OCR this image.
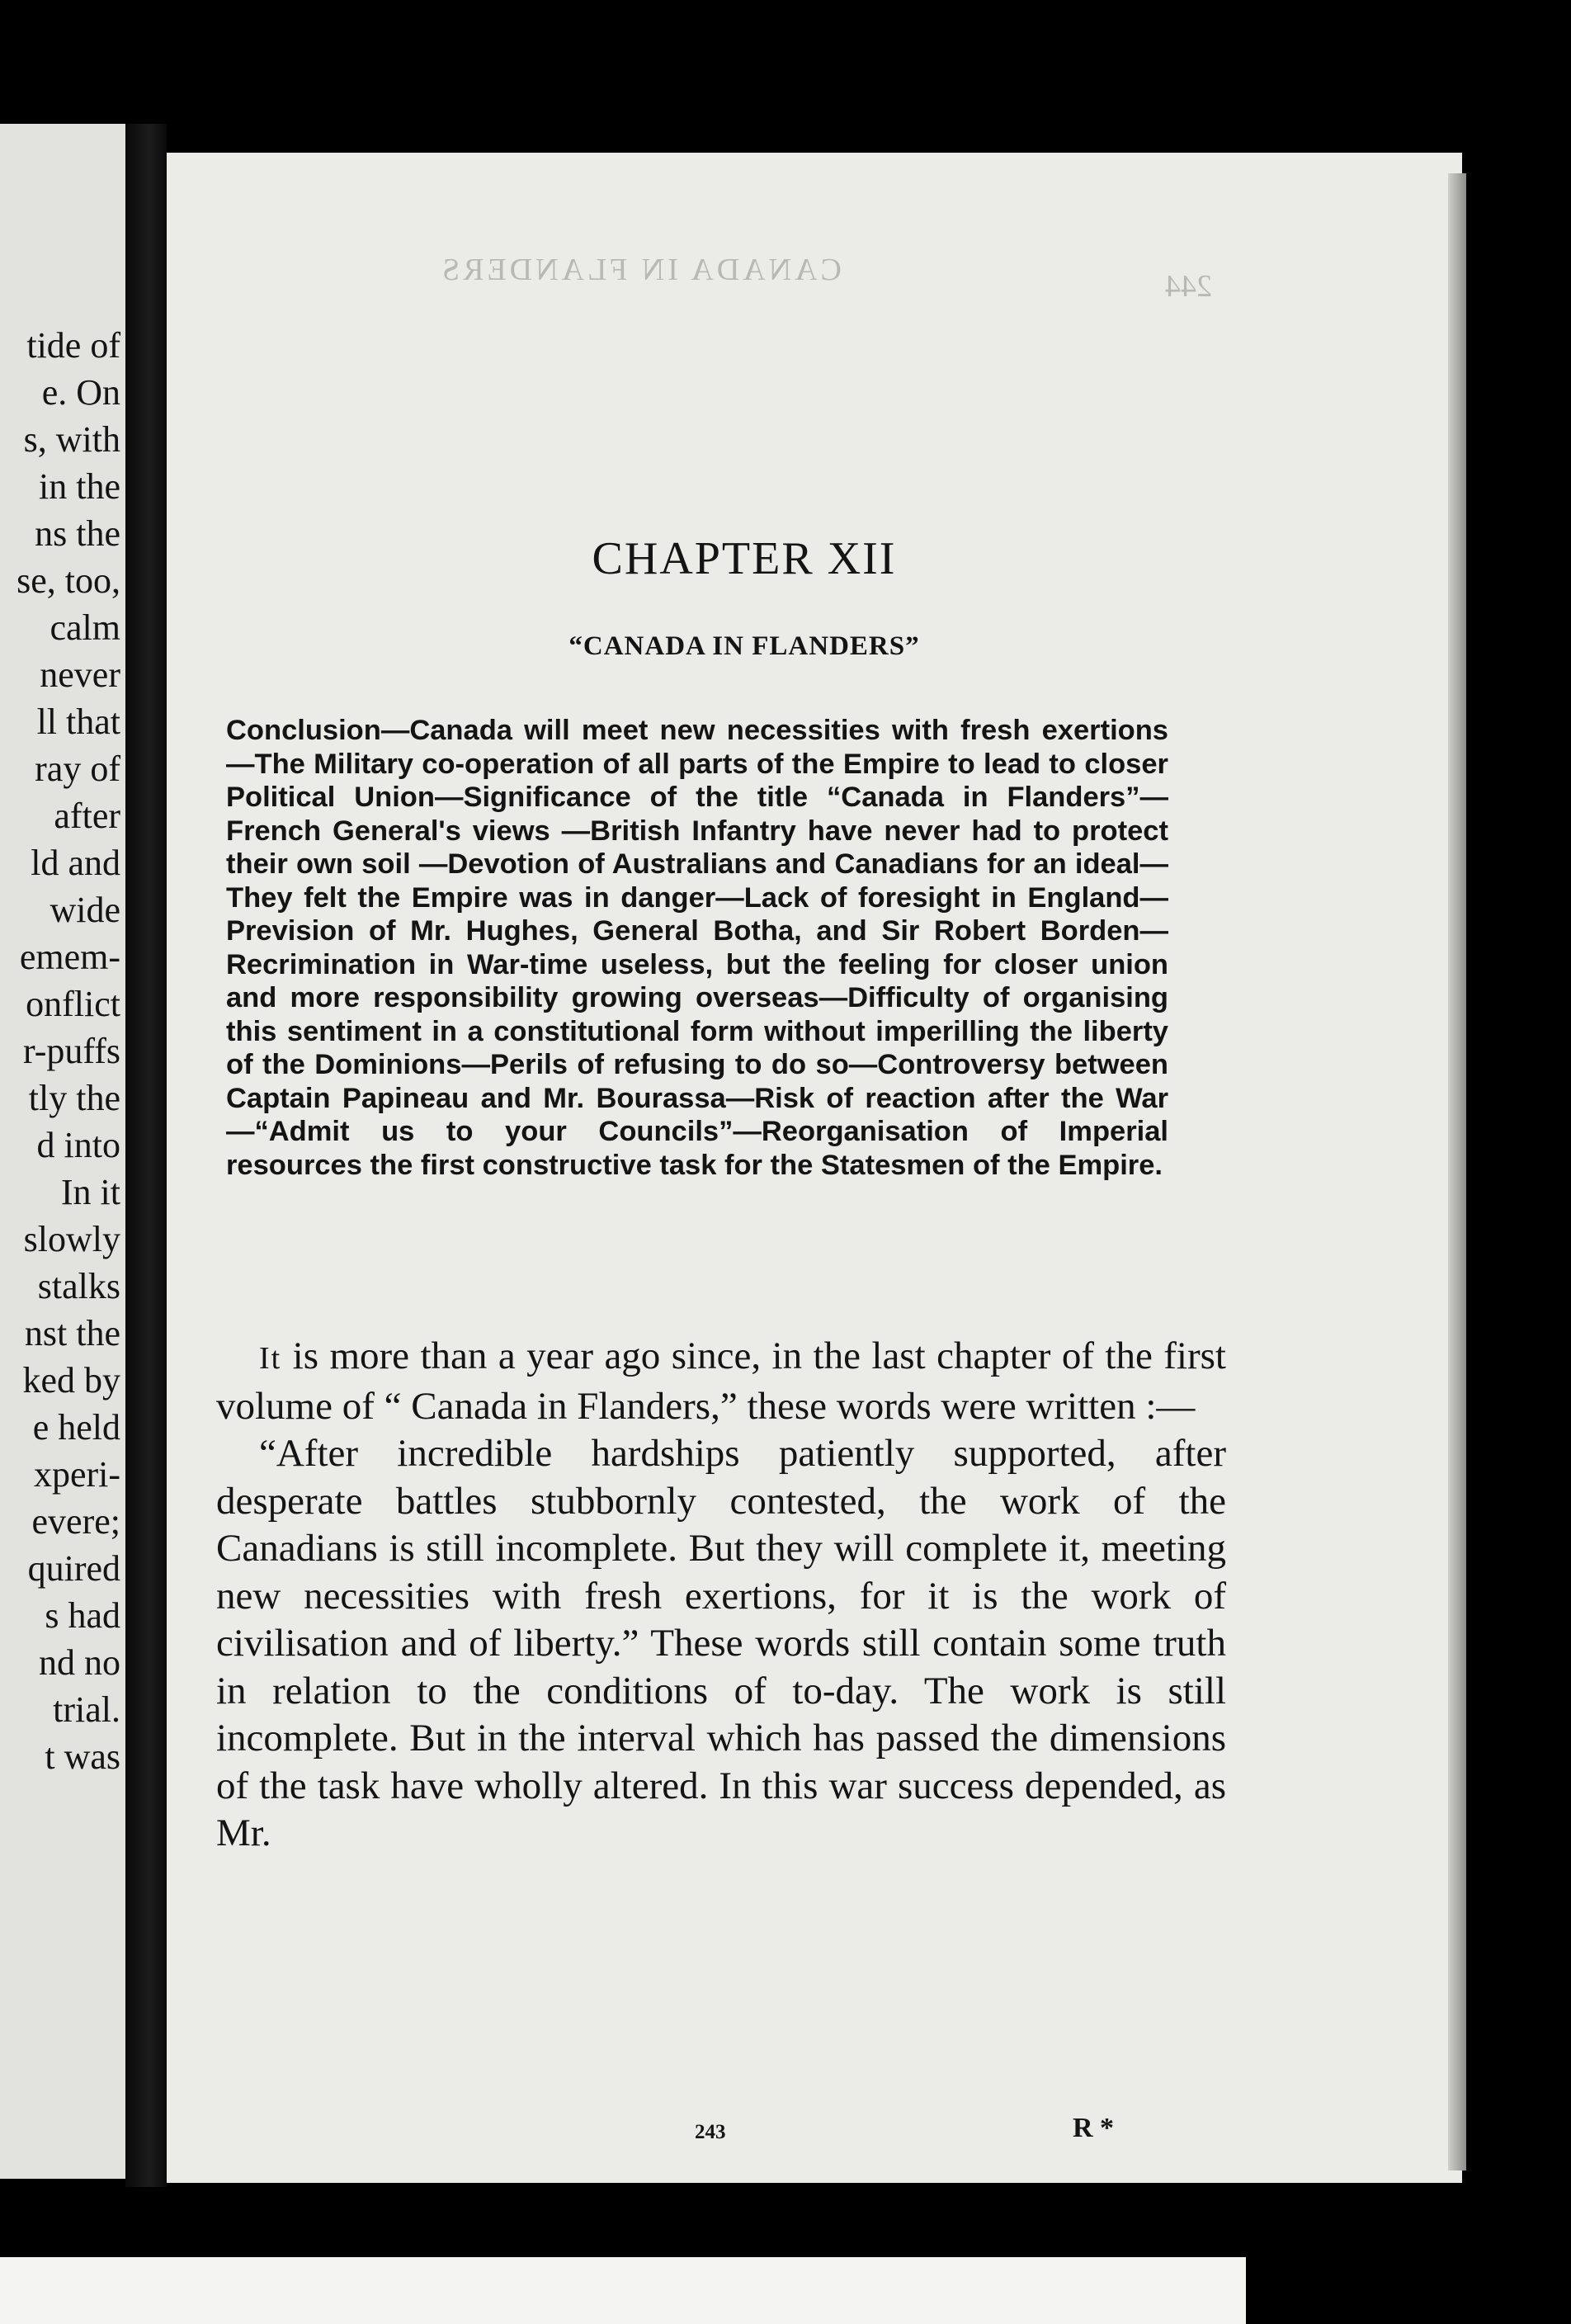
tide of
e. On
s, with
in the
ns the
se, too,
calm
never
ll that
ray of
after
ld and
wide
emem-
onflict
r-puffs
tly the
d into
In it
slowly
stalks
nst the
ked by
e held
xperi-
evere;
quired
s had
nd no
trial.
t was
CANADA IN FLANDERS	244
CHAPTER XII
“CANADA IN FLANDERS”

Conclusion—Canada will meet new necessities with fresh exertions—The Military co-operation of all parts of the Empire to lead to closer Political Union—Significance of the title “Canada in Flanders”—French General's views —British Infantry have never had to protect their own soil —Devotion of Australians and Canadians for an ideal—They felt the Empire was in danger—Lack of foresight in England—Prevision of Mr. Hughes, General Botha, and Sir Robert Borden—Recrimination in War-time useless, but the feeling for closer union and more responsibility growing overseas—Difficulty of organising this sentiment in a constitutional form without imperilling the liberty of the Dominions—Perils of refusing to do so—Controversy between Captain Papineau and Mr. Bourassa—Risk of reaction after the War—“Admit us to your Councils”—Reorganisation of Imperial resources the first constructive task for the Statesmen of the Empire.

It is more than a year ago since, in the last chapter of the first volume of “ Canada in Flanders,” these words were written :—

“After incredible hardships patiently supported, after desperate battles stubbornly contested, the work of the Canadians is still incomplete. But they will complete it, meeting new necessities with fresh exertions, for it is the work of civilisation and of liberty.” These words still contain some truth in relation to the conditions of to-day. The work is still incomplete. But in the interval which has passed the dimensions of the task have wholly altered. In this war success depended, as Mr.

243	R *
